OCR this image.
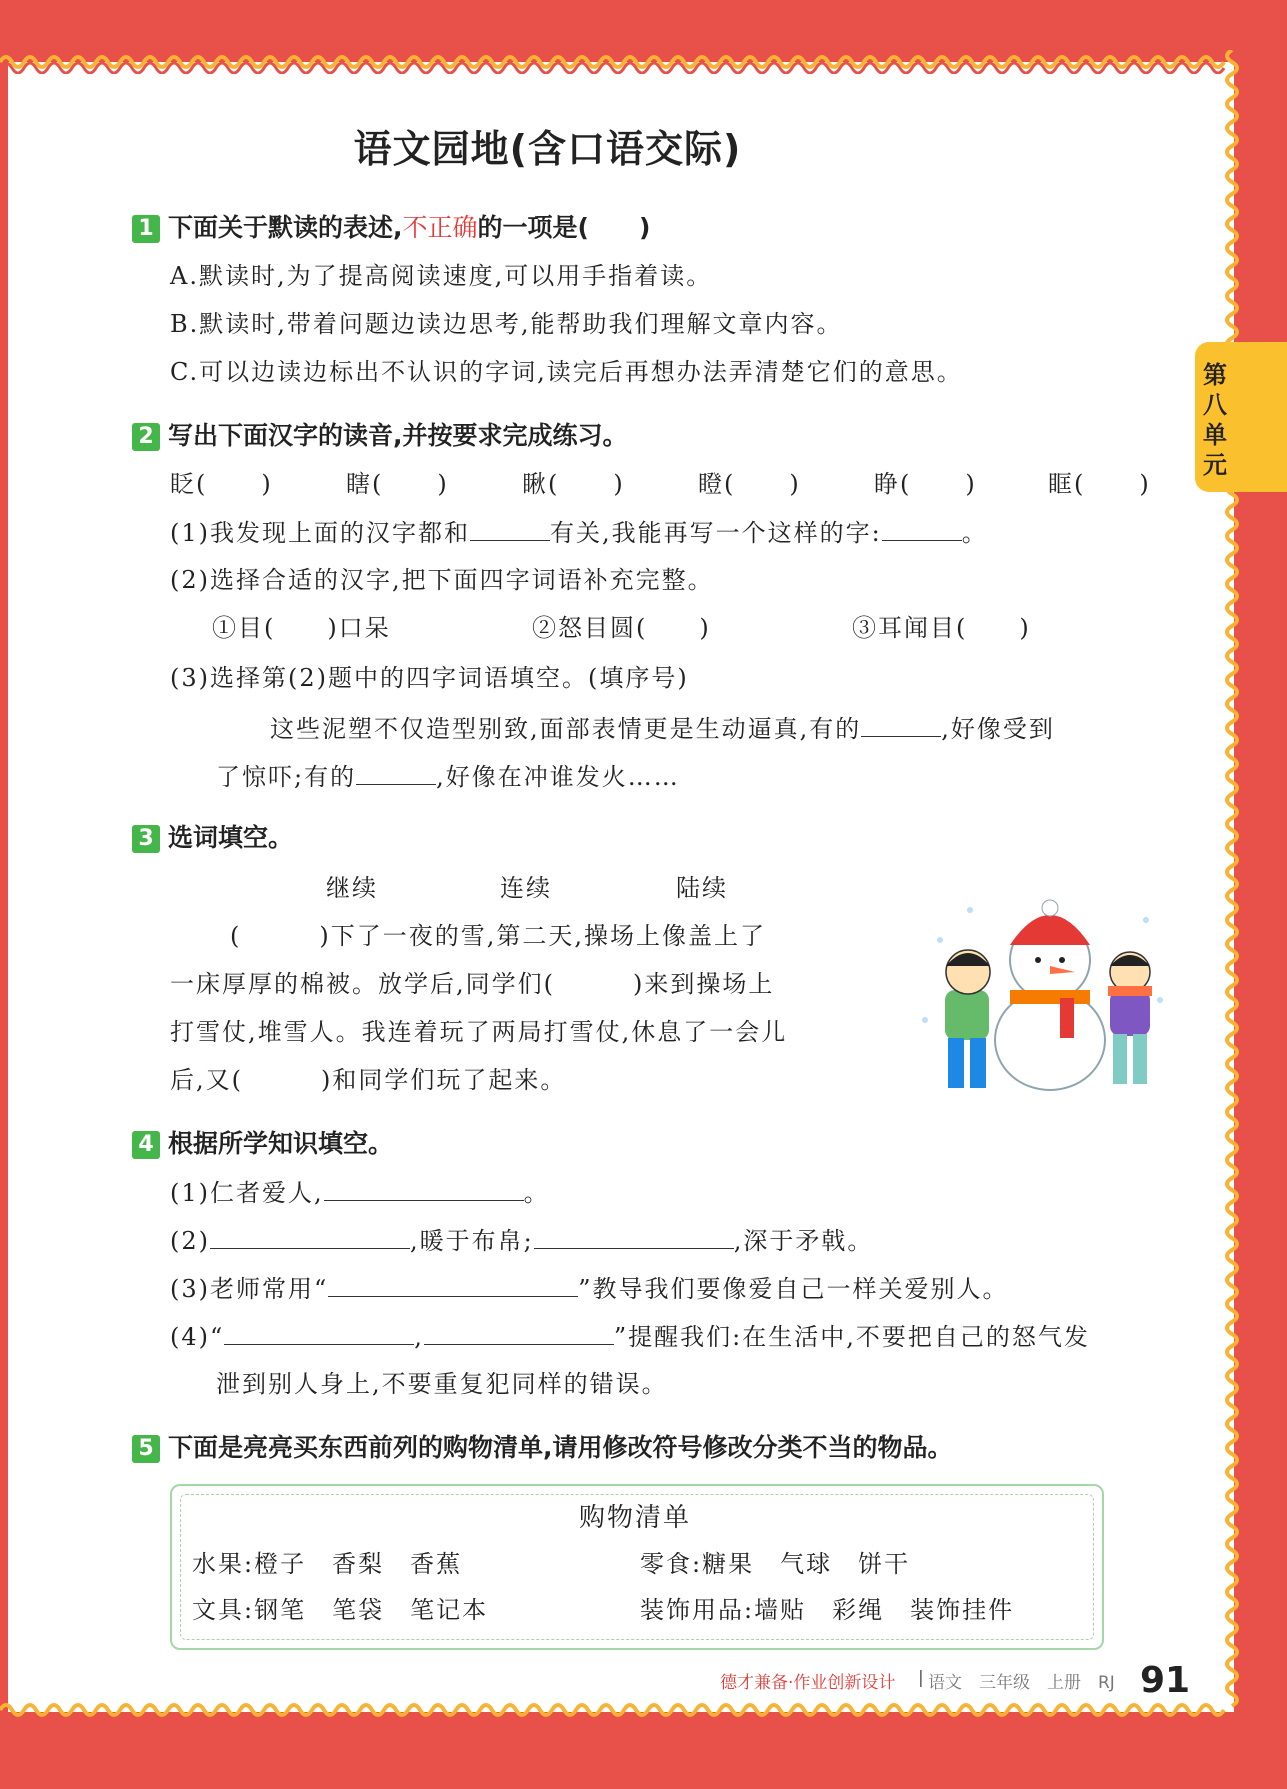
第八单元
语文园地(含口语交际)
1 下面关于默读的表述,不正确的一项是(　　)
A.默读时,为了提高阅读速度,可以用手指着读。
B.默读时,带着问题边读边思考,能帮助我们理解文章内容。
C.可以边读边标出不认识的字词,读完后再想办法弄清楚它们的意思。
2 写出下面汉字的读音,并按要求完成练习。
眨( )	瞎( )	瞅( )	瞪( )	睁( )	眶( )
(1)我发现上面的汉字都和	有关,我能再写一个这样的字:	。
(2)选择合适的汉字,把下面四字词语补充完整。
①目(　　)口呆	②怒目圆(　　)	③耳闻目(　　)
(3)选择第(2)题中的四字词语填空。(填序号)
这些泥塑不仅造型别致,面部表情更是生动逼真,有的	,好像受到
了惊吓;有的	,好像在冲谁发火……
3 选词填空。
继续	连续	陆续
(　　　)下了一夜的雪,第二天,操场上像盖上了
一床厚厚的棉被。放学后,同学们(　　　)来到操场上
打雪仗,堆雪人。我连着玩了两局打雪仗,休息了一会儿
后,又(　　　)和同学们玩了起来。
4 根据所学知识填空。
(1)仁者爱人,	。
(2)	,暖于布帛;	,深于矛戟。
(3)老师常用“	”教导我们要像爱自己一样关爱别人。
(4)“	,	”提醒我们:在生活中,不要把自己的怒气发
泄到别人身上,不要重复犯同样的错误。
5 下面是亮亮买东西前列的购物清单,请用修改符号修改分类不当的物品。
购物清单
水果:橙子　香梨　香蕉	零食:糖果　气球　饼干
文具:钢笔　笔袋　笔记本	装饰用品:墙贴　彩绳　装饰挂件
德才兼备·作业创新设计 | 语文　三年级　上册　RJ 91
